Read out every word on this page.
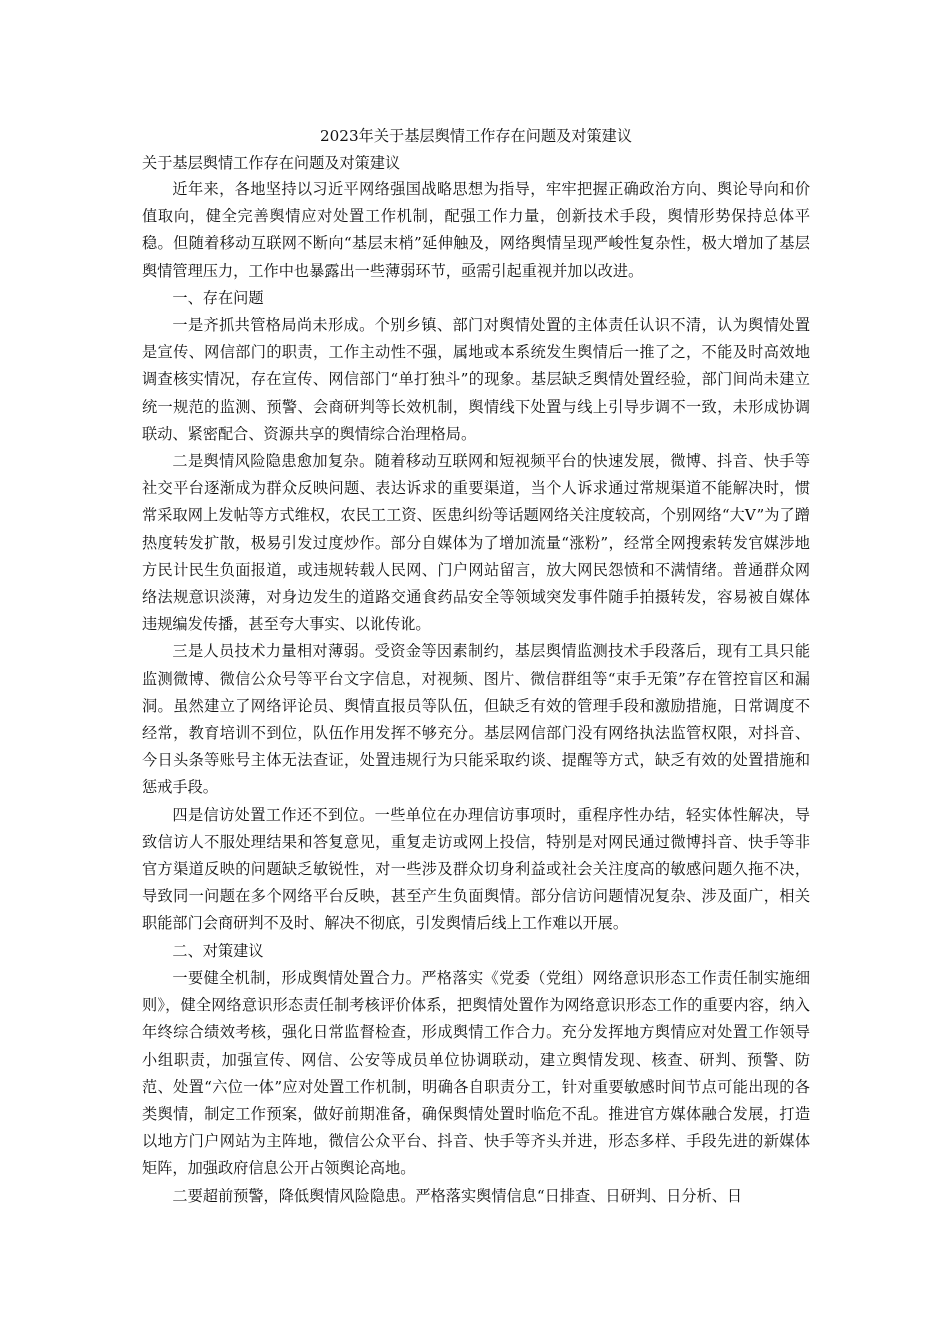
2023年关于基层舆情工作存在问题及对策建议

关于基层舆情工作存在问题及对策建议

近年来，各地坚持以习近平网络强国战略思想为指导，牢牢把握正确政治方向、舆论导向和价值取向，健全完善舆情应对处置工作机制，配强工作力量，创新技术手段，舆情形势保持总体平稳。但随着移动互联网不断向“基层末梢”延伸触及，网络舆情呈现严峻性复杂性，极大增加了基层舆情管理压力，工作中也暴露出一些薄弱环节，亟需引起重视并加以改进。

一、存在问题

一是齐抓共管格局尚未形成。个别乡镇、部门对舆情处置的主体责任认识不清，认为舆情处置是宣传、网信部门的职责，工作主动性不强，属地或本系统发生舆情后一推了之，不能及时高效地调查核实情况，存在宣传、网信部门“单打独斗”的现象。基层缺乏舆情处置经验，部门间尚未建立统一规范的监测、预警、会商研判等长效机制，舆情线下处置与线上引导步调不一致，未形成协调联动、紧密配合、资源共享的舆情综合治理格局。

二是舆情风险隐患愈加复杂。随着移动互联网和短视频平台的快速发展，微博、抖音、快手等社交平台逐渐成为群众反映问题、表达诉求的重要渠道，当个人诉求通过常规渠道不能解决时，惯常采取网上发帖等方式维权，农民工工资、医患纠纷等话题网络关注度较高，个别网络“大V”为了蹭热度转发扩散，极易引发过度炒作。部分自媒体为了增加流量“涨粉”，经常全网搜索转发官媒涉地方民计民生负面报道，或违规转载人民网、门户网站留言，放大网民怨愤和不满情绪。普通群众网络法规意识淡薄，对身边发生的道路交通食药品安全等领域突发事件随手拍摄转发，容易被自媒体违规编发传播，甚至夸大事实、以讹传讹。

三是人员技术力量相对薄弱。受资金等因素制约，基层舆情监测技术手段落后，现有工具只能监测微博、微信公众号等平台文字信息，对视频、图片、微信群组等“束手无策”存在管控盲区和漏洞。虽然建立了网络评论员、舆情直报员等队伍，但缺乏有效的管理手段和激励措施，日常调度不经常，教育培训不到位，队伍作用发挥不够充分。基层网信部门没有网络执法监管权限，对抖音、今日头条等账号主体无法查证，处置违规行为只能采取约谈、提醒等方式，缺乏有效的处置措施和惩戒手段。

四是信访处置工作还不到位。一些单位在办理信访事项时，重程序性办结，轻实体性解决，导致信访人不服处理结果和答复意见，重复走访或网上投信，特别是对网民通过微博抖音、快手等非官方渠道反映的问题缺乏敏锐性，对一些涉及群众切身利益或社会关注度高的敏感问题久拖不决，导致同一问题在多个网络平台反映，甚至产生负面舆情。部分信访问题情况复杂、涉及面广，相关职能部门会商研判不及时、解决不彻底，引发舆情后线上工作难以开展。

二、对策建议

一要健全机制，形成舆情处置合力。严格落实《党委（党组）网络意识形态工作责任制实施细则》，健全网络意识形态责任制考核评价体系，把舆情处置作为网络意识形态工作的重要内容，纳入年终综合绩效考核，强化日常监督检查，形成舆情工作合力。充分发挥地方舆情应对处置工作领导小组职责，加强宣传、网信、公安等成员单位协调联动，建立舆情发现、核查、研判、预警、防范、处置“六位一体”应对处置工作机制，明确各自职责分工，针对重要敏感时间节点可能出现的各类舆情，制定工作预案，做好前期准备，确保舆情处置时临危不乱。推进官方媒体融合发展，打造以地方门户网站为主阵地，微信公众平台、抖音、快手等齐头并进，形态多样、手段先进的新媒体矩阵，加强政府信息公开占领舆论高地。

二要超前预警，降低舆情风险隐患。严格落实舆情信息“日排查、日研判、日分析、日
